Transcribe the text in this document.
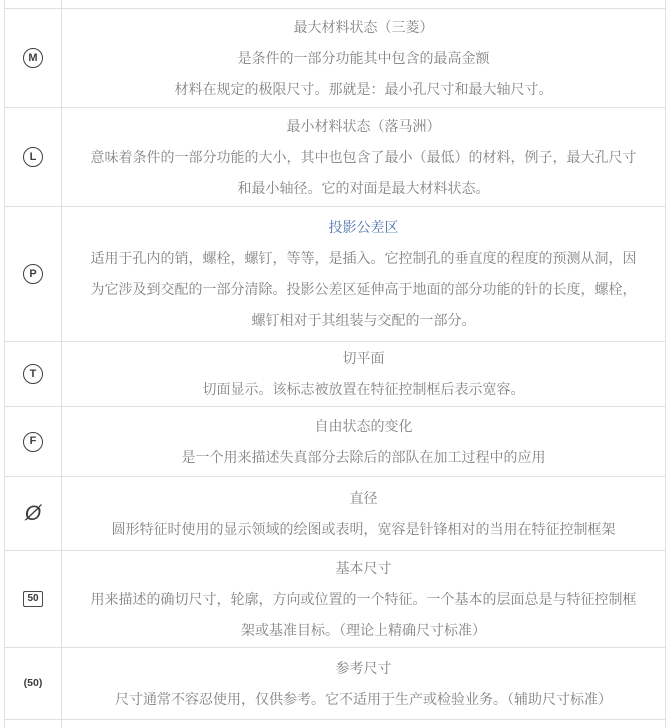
M
最大材料状态（三菱）
是条件的一部分功能其中包含的最高金额
材料在规定的极限尺寸。那就是：最小孔尺寸和最大轴尺寸。
L
最小材料状态（落马洲）
意味着条件的一部分功能的大小，其中也包含了最小（最低）的材料，例子，最大孔尺寸
和最小轴径。它的对面是最大材料状态。
P
投影公差区
适用于孔内的销，螺栓，螺钉，等等，是插入。它控制孔的垂直度的程度的预测从洞，因
为它涉及到交配的一部分清除。投影公差区延伸高于地面的部分功能的针的长度，螺栓，
螺钉相对于其组装与交配的一部分。
T
切平面
切面显示。该标志被放置在特征控制框后表示宽容。
F
自由状态的变化
是一个用来描述失真部分去除后的部队在加工过程中的应用
Ø
直径
圆形特征时使用的显示领域的绘图或表明，宽容是针锋相对的当用在特征控制框架
50
基本尺寸
用来描述的确切尺寸，轮廓，方向或位置的一个特征。一个基本的层面总是与特征控制框
架或基准目标。（理论上精确尺寸标准）
(50)
参考尺寸
尺寸通常不容忍使用，仅供参考。它不适用于生产或检验业务。（辅助尺寸标准）
